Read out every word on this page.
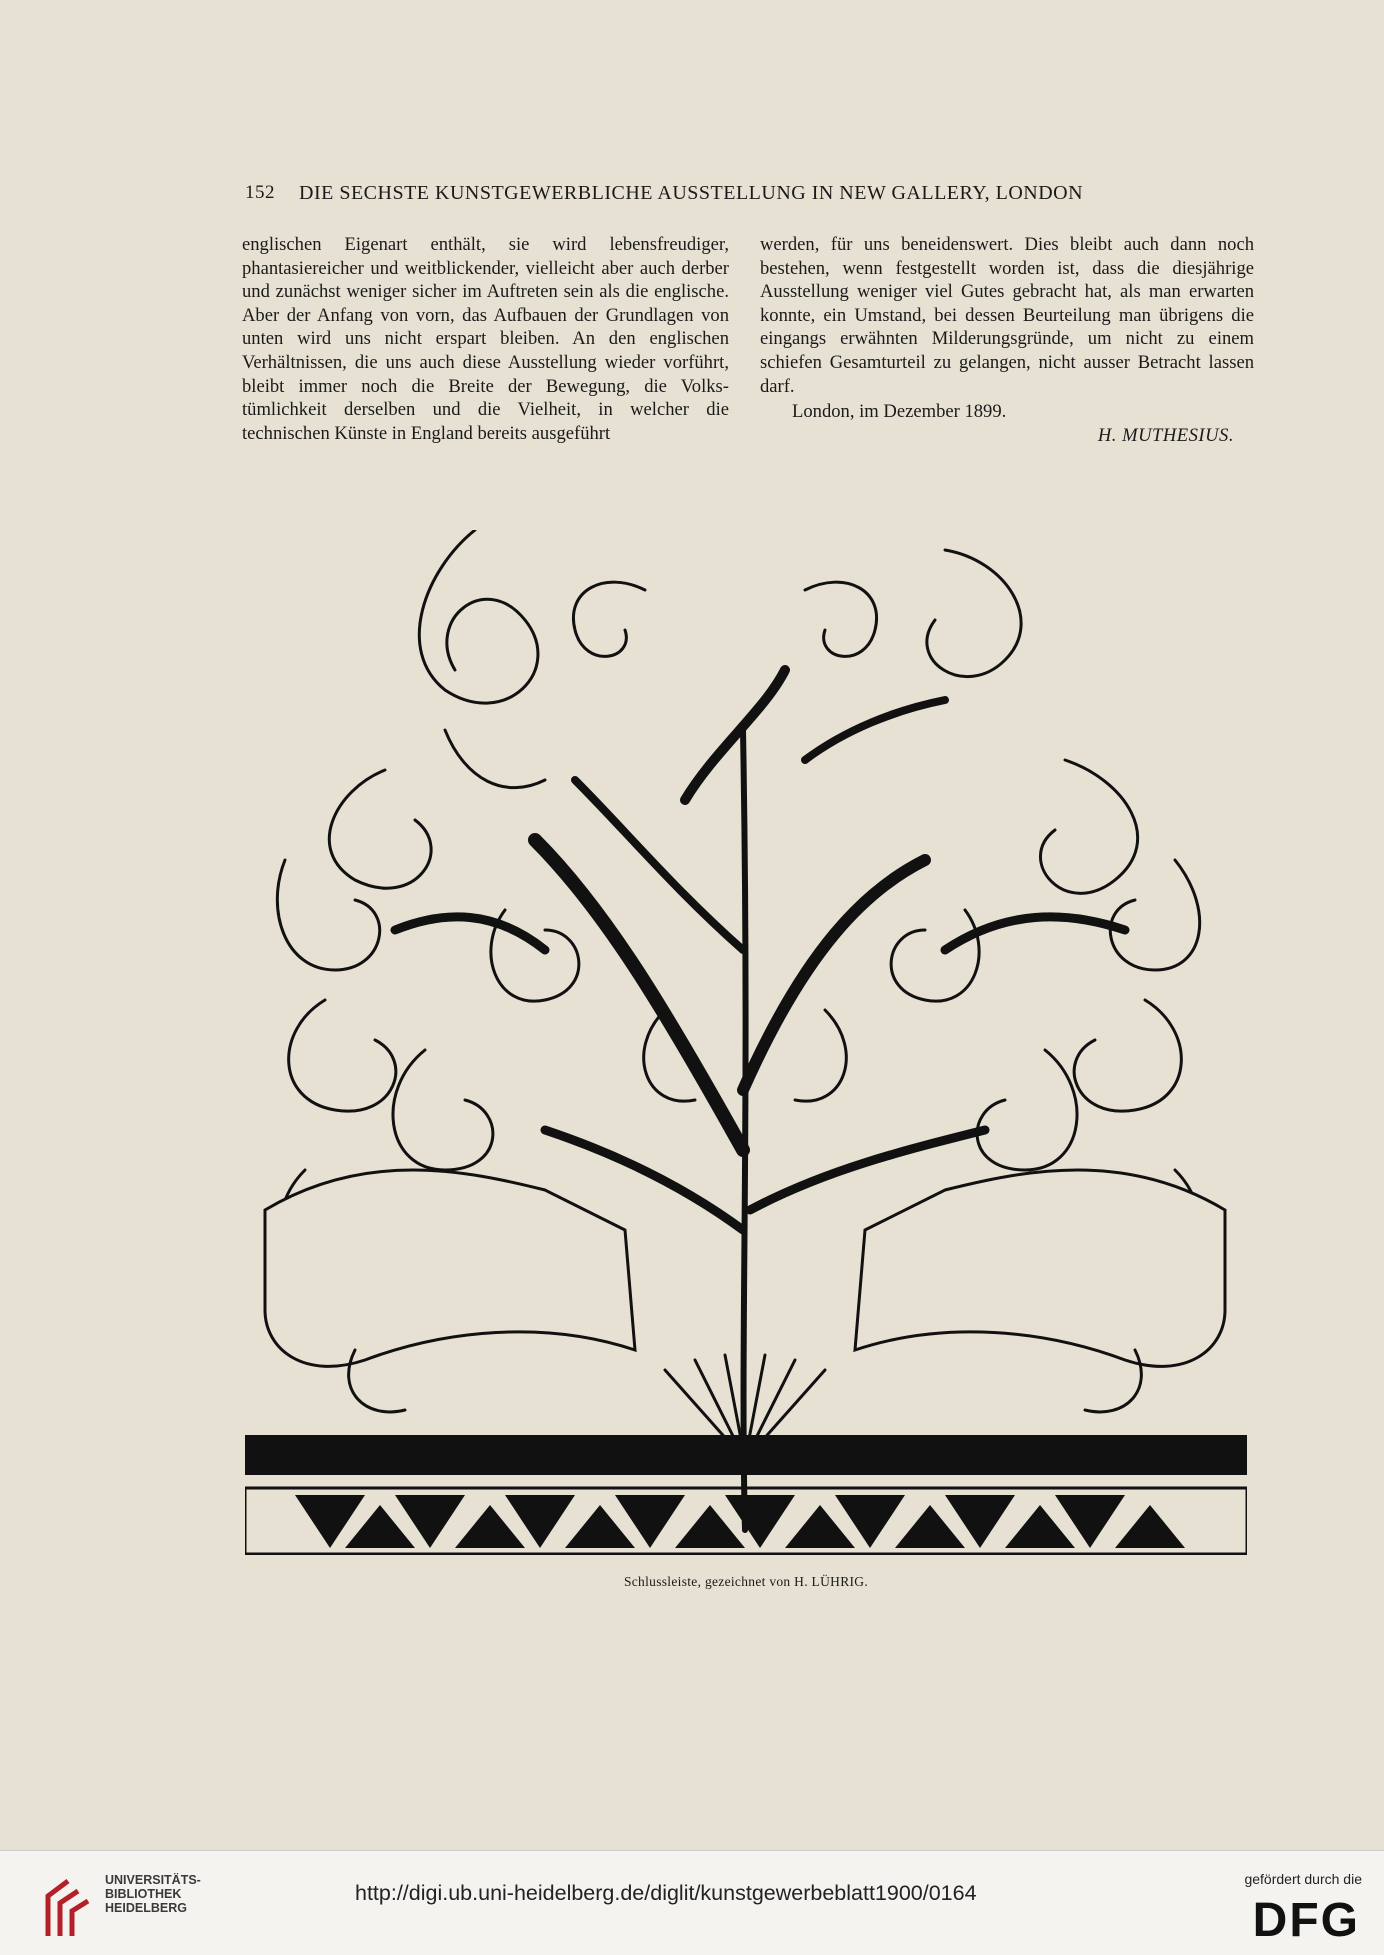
152 DIE SECHSTE KUNSTGEWERBLICHE AUSSTELLUNG IN NEW GALLERY, LONDON

englischen Eigenart enthält, sie wird lebensfreudiger, phantasiereicher und weitblickender, vielleicht aber auch derber und zunächst weniger sicher im Auftreten sein als die englische. Aber der Anfang von vorn, das Aufbauen der Grundlagen von unten wird uns nicht erspart bleiben. An den englischen Verhältnissen, die uns auch diese Ausstellung wieder vorführt, bleibt immer noch die Breite der Bewegung, die Volkstümlichkeit derselben und die Vielheit, in welcher die technischen Künste in England bereits ausgeführt

werden, für uns beneidenswert. Dies bleibt auch dann noch bestehen, wenn festgestellt worden ist, dass die diesjährige Ausstellung weniger viel Gutes gebracht hat, als man erwarten konnte, ein Umstand, bei dessen Beurteilung man übrigens die eingangs erwähnten Milderungsgründe, um nicht zu einem schiefen Gesamturteil zu gelangen, nicht ausser Betracht lassen darf.

London, im Dezember 1899.

H. MUTHESIUS.

Schlussleiste, gezeichnet von H. LÜHRIG.
UNIVERSITÄTS-
BIBLIOTHEK
HEIDELBERG
http://digi.ub.uni-heidelberg.de/diglit/kunstgewerbeblatt1900/0164
gefördert durch die
DFG
